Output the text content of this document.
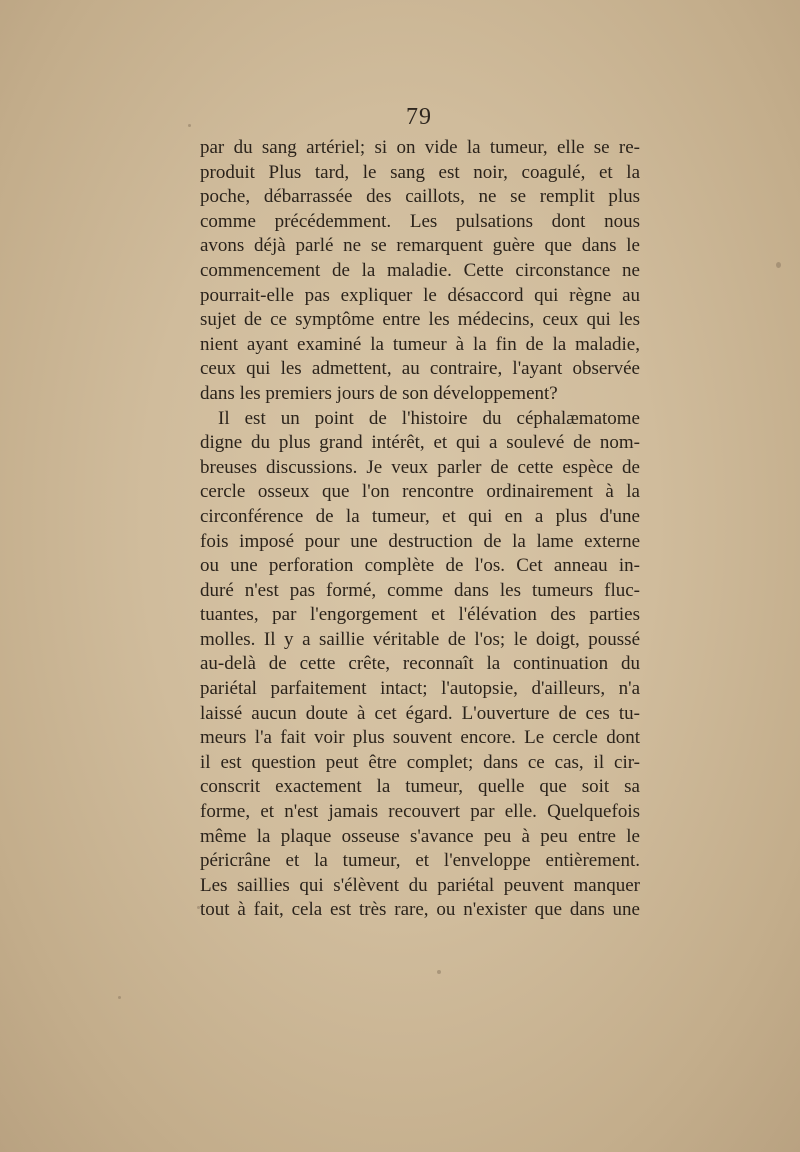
79
par du sang artériel; si on vide la tumeur, elle se re-
produit Plus tard, le sang est noir, coagulé, et la
poche, débarrassée des caillots, ne se remplit plus
comme précédemment. Les pulsations dont nous
avons déjà parlé ne se remarquent guère que dans le
commencement de la maladie. Cette circonstance ne
pourrait-elle pas expliquer le désaccord qui règne au
sujet de ce symptôme entre les médecins, ceux qui les
nient ayant examiné la tumeur à la fin de la maladie,
ceux qui les admettent, au contraire, l'ayant observée
dans les premiers jours de son développement?
Il est un point de l'histoire du céphalæmatome
digne du plus grand intérêt, et qui a soulevé de nom-
breuses discussions. Je veux parler de cette espèce de
cercle osseux que l'on rencontre ordinairement à la
circonférence de la tumeur, et qui en a plus d'une
fois imposé pour une destruction de la lame externe
ou une perforation complète de l'os. Cet anneau in-
duré n'est pas formé, comme dans les tumeurs fluc-
tuantes, par l'engorgement et l'élévation des parties
molles. Il y a saillie véritable de l'os; le doigt, poussé
au-delà de cette crête, reconnaît la continuation du
pariétal parfaitement intact; l'autopsie, d'ailleurs, n'a
laissé aucun doute à cet égard. L'ouverture de ces tu-
meurs l'a fait voir plus souvent encore. Le cercle dont
il est question peut être complet; dans ce cas, il cir-
conscrit exactement la tumeur, quelle que soit sa
forme, et n'est jamais recouvert par elle. Quelquefois
même la plaque osseuse s'avance peu à peu entre le
péricrâne et la tumeur, et l'enveloppe entièrement.
Les saillies qui s'élèvent du pariétal peuvent manquer
tout à fait, cela est très rare, ou n'exister que dans une
